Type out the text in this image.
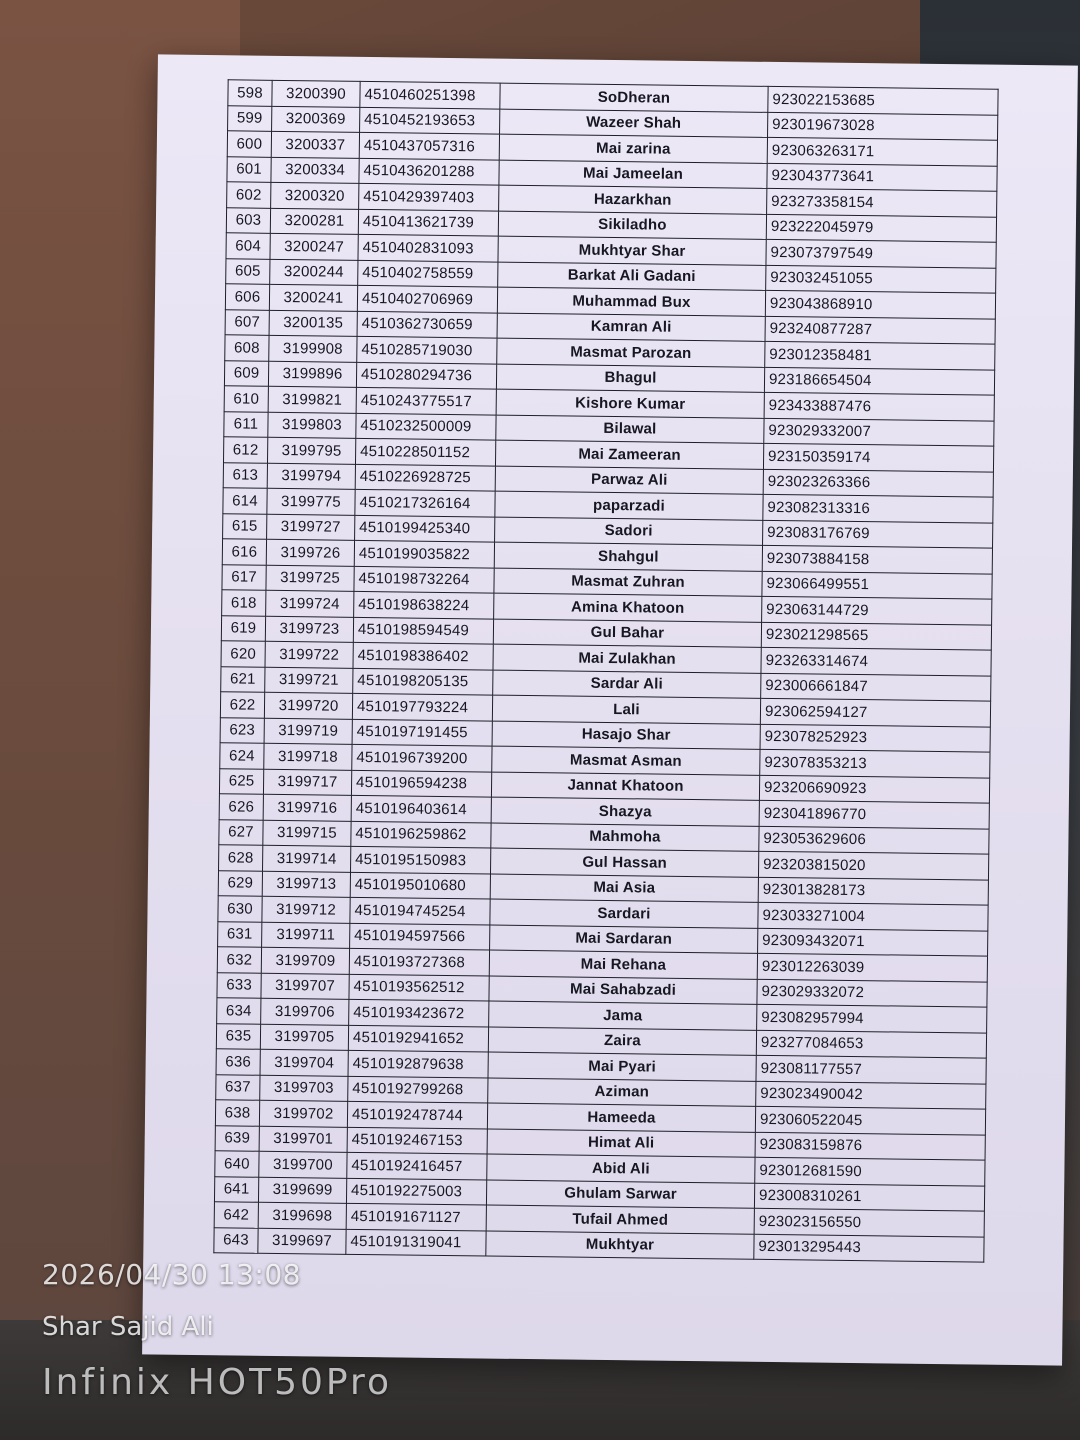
598	3200390	4510460251398	SoDheran	923022153685
599	3200369	4510452193653	Wazeer Shah	923019673028
600	3200337	4510437057316	Mai zarina	923063263171
601	3200334	4510436201288	Mai Jameelan	923043773641
602	3200320	4510429397403	Hazarkhan	923273358154
603	3200281	4510413621739	Sikiladho	923222045979
604	3200247	4510402831093	Mukhtyar Shar	923073797549
605	3200244	4510402758559	Barkat Ali Gadani	923032451055
606	3200241	4510402706969	Muhammad Bux	923043868910
607	3200135	4510362730659	Kamran Ali	923240877287
608	3199908	4510285719030	Masmat Parozan	923012358481
609	3199896	4510280294736	Bhagul	923186654504
610	3199821	4510243775517	Kishore Kumar	923433887476
611	3199803	4510232500009	Bilawal	923029332007
612	3199795	4510228501152	Mai Zameeran	923150359174
613	3199794	4510226928725	Parwaz Ali	923023263366
614	3199775	4510217326164	paparzadi	923082313316
615	3199727	4510199425340	Sadori	923083176769
616	3199726	4510199035822	Shahgul	923073884158
617	3199725	4510198732264	Masmat Zuhran	923066499551
618	3199724	4510198638224	Amina Khatoon	923063144729
619	3199723	4510198594549	Gul Bahar	923021298565
620	3199722	4510198386402	Mai Zulakhan	923263314674
621	3199721	4510198205135	Sardar Ali	923006661847
622	3199720	4510197793224	Lali	923062594127
623	3199719	4510197191455	Hasajo Shar	923078252923
624	3199718	4510196739200	Masmat Asman	923078353213
625	3199717	4510196594238	Jannat Khatoon	923206690923
626	3199716	4510196403614	Shazya	923041896770
627	3199715	4510196259862	Mahmoha	923053629606
628	3199714	4510195150983	Gul Hassan	923203815020
629	3199713	4510195010680	Mai Asia	923013828173
630	3199712	4510194745254	Sardari	923033271004
631	3199711	4510194597566	Mai Sardaran	923093432071
632	3199709	4510193727368	Mai Rehana	923012263039
633	3199707	4510193562512	Mai Sahabzadi	923029332072
634	3199706	4510193423672	Jama	923082957994
635	3199705	4510192941652	Zaira	923277084653
636	3199704	4510192879638	Mai Pyari	923081177557
637	3199703	4510192799268	Aziman	923023490042
638	3199702	4510192478744	Hameeda	923060522045
639	3199701	4510192467153	Himat Ali	923083159876
640	3199700	4510192416457	Abid Ali	923012681590
641	3199699	4510192275003	Ghulam Sarwar	923008310261
642	3199698	4510191671127	Tufail Ahmed	923023156550
643	3199697	4510191319041	Mukhtyar	923013295443
2026/04/30 13:08
Shar Sajid Ali
Infinix HOT50Pro
